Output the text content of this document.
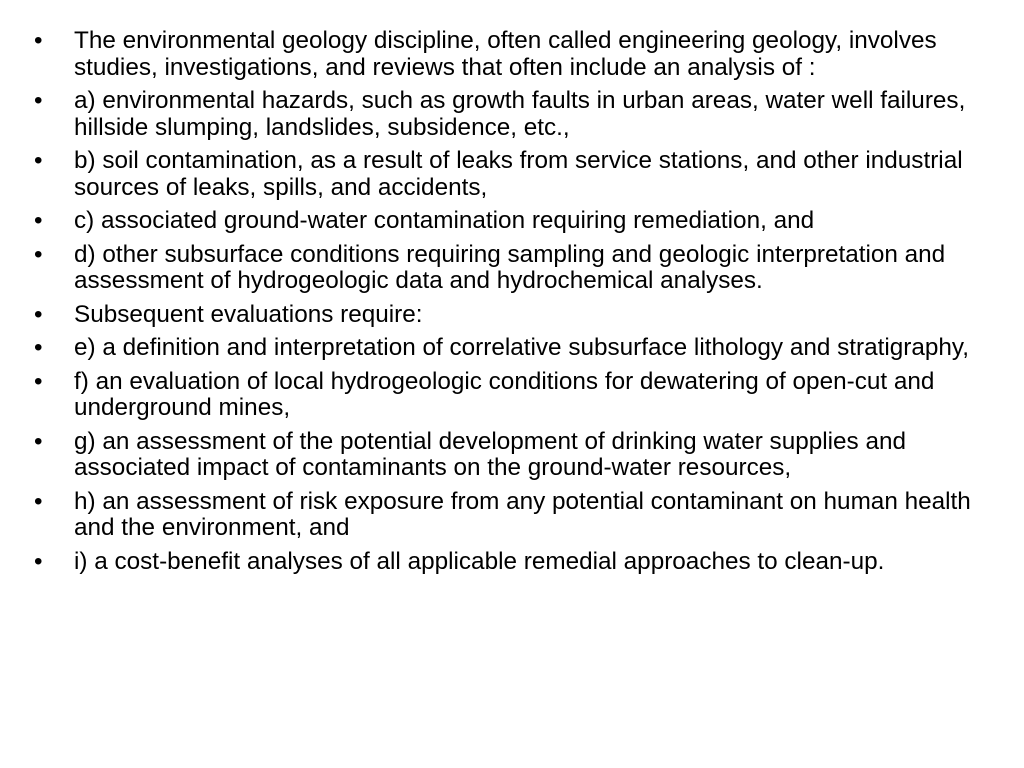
•	The environmental geology discipline, often called engineering geology, involves studies, investigations, and reviews that often include an analysis of :
•	a) environmental hazards, such as growth faults in urban areas, water well failures, hillside slumping, landslides, subsidence, etc.,
•	b) soil contamination, as a result of leaks from service stations, and other industrial sources of leaks, spills, and accidents,
•	c) associated ground-water contamination requiring remediation, and
•	d) other subsurface conditions requiring sampling and geologic interpretation and assessment of hydrogeologic data and hydrochemical analyses.
•	Subsequent evaluations require:
•	e) a definition and interpretation of correlative subsurface lithology and stratigraphy,
•	f) an evaluation of local hydrogeologic conditions for dewatering of open-cut and underground mines,
•	g) an assessment of the potential development of drinking water supplies and associated impact of contaminants on the ground-water resources,
•	h) an assessment of risk exposure from any potential contaminant on human health and the environment, and
•	i) a cost-benefit analyses of all applicable remedial approaches to clean-up.
